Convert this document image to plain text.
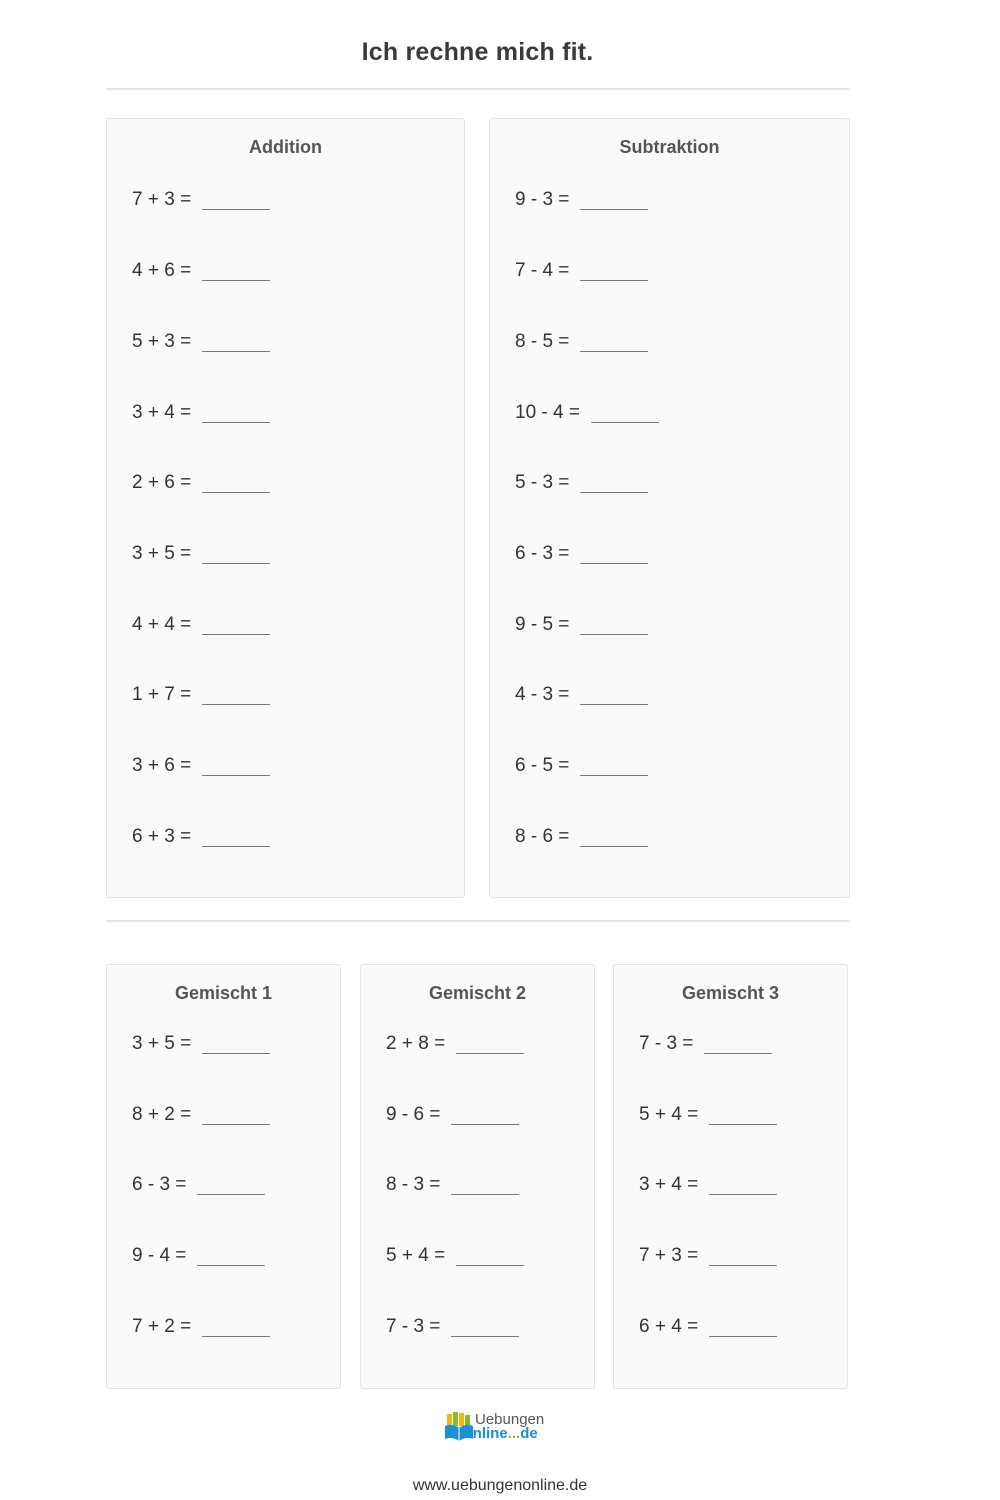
Ich rechne mich fit.
Addition
7 + 3 =
4 + 6 =
5 + 3 =
3 + 4 =
2 + 6 =
3 + 5 =
4 + 4 =
1 + 7 =
3 + 6 =
6 + 3 =
Subtraktion
9 - 3 =
7 - 4 =
8 - 5 =
10 - 4 =
5 - 3 =
6 - 3 =
9 - 5 =
4 - 3 =
6 - 5 =
8 - 6 =
Gemischt 1
3 + 5 =
8 + 2 =
6 - 3 =
9 - 4 =
7 + 2 =
Gemischt 2
2 + 8 =
9 - 6 =
8 - 3 =
5 + 4 =
7 - 3 =
Gemischt 3
7 - 3 =
5 + 4 =
3 + 4 =
7 + 3 =
6 + 4 =
Uebungen
Online...de
www.uebungenonline.de
